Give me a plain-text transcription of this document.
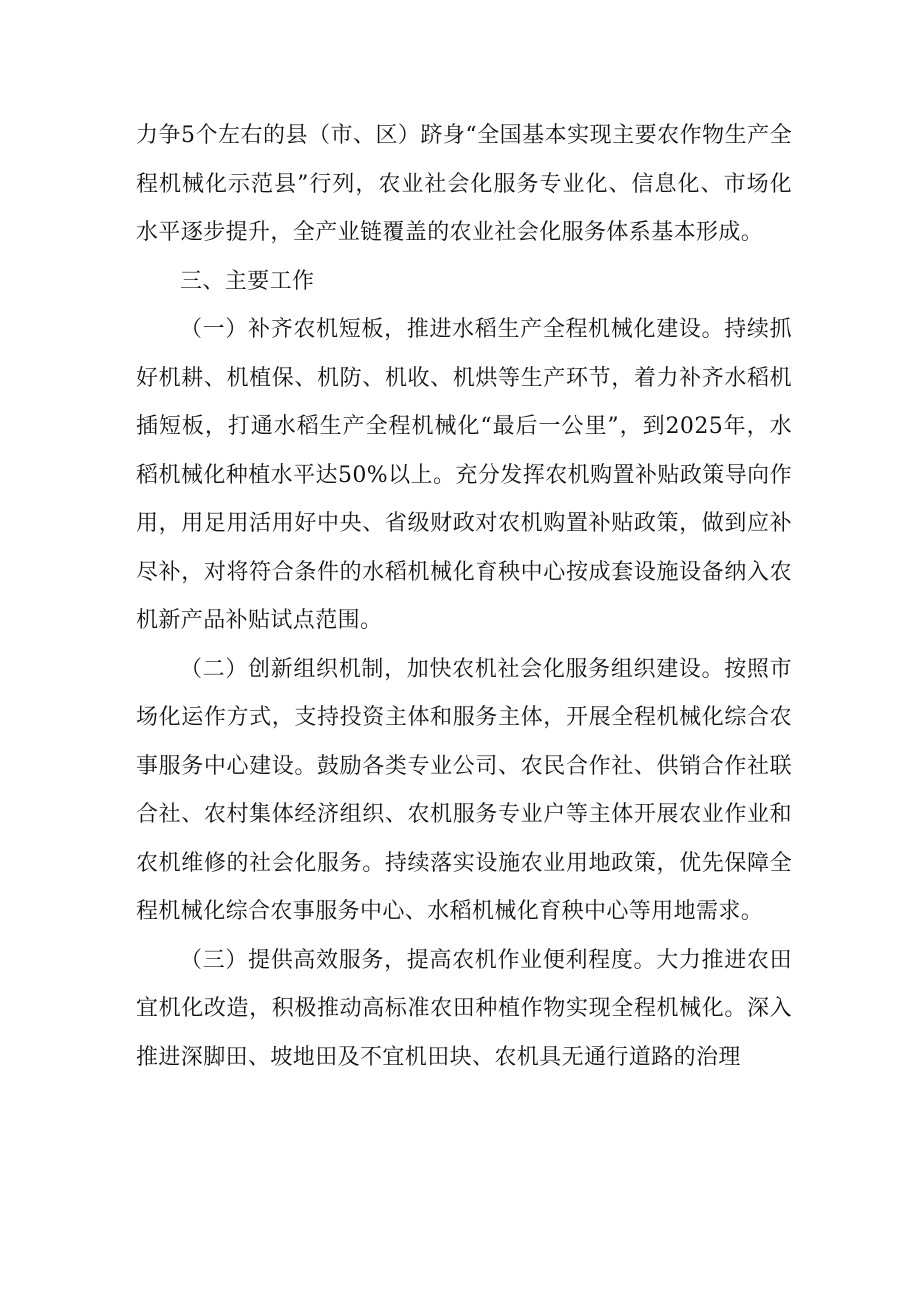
力争5个左右的县（市、区）跻身“全国基本实现主要农作物生产全程机械化示范县”行列，农业社会化服务专业化、信息化、市场化水平逐步提升，全产业链覆盖的农业社会化服务体系基本形成。

三、主要工作

（一）补齐农机短板，推进水稻生产全程机械化建设。持续抓好机耕、机植保、机防、机收、机烘等生产环节，着力补齐水稻机插短板，打通水稻生产全程机械化“最后一公里”，到2025年，水稻机械化种植水平达50%以上。充分发挥农机购置补贴政策导向作用，用足用活用好中央、省级财政对农机购置补贴政策，做到应补尽补，对将符合条件的水稻机械化育秧中心按成套设施设备纳入农机新产品补贴试点范围。

（二）创新组织机制，加快农机社会化服务组织建设。按照市场化运作方式，支持投资主体和服务主体，开展全程机械化综合农事服务中心建设。鼓励各类专业公司、农民合作社、供销合作社联合社、农村集体经济组织、农机服务专业户等主体开展农业作业和农机维修的社会化服务。持续落实设施农业用地政策，优先保障全程机械化综合农事服务中心、水稻机械化育秧中心等用地需求。

（三）提供高效服务，提高农机作业便利程度。大力推进农田宜机化改造，积极推动高标准农田种植作物实现全程机械化。深入推进深脚田、坡地田及不宜机田块、农机具无通行道路的治理
